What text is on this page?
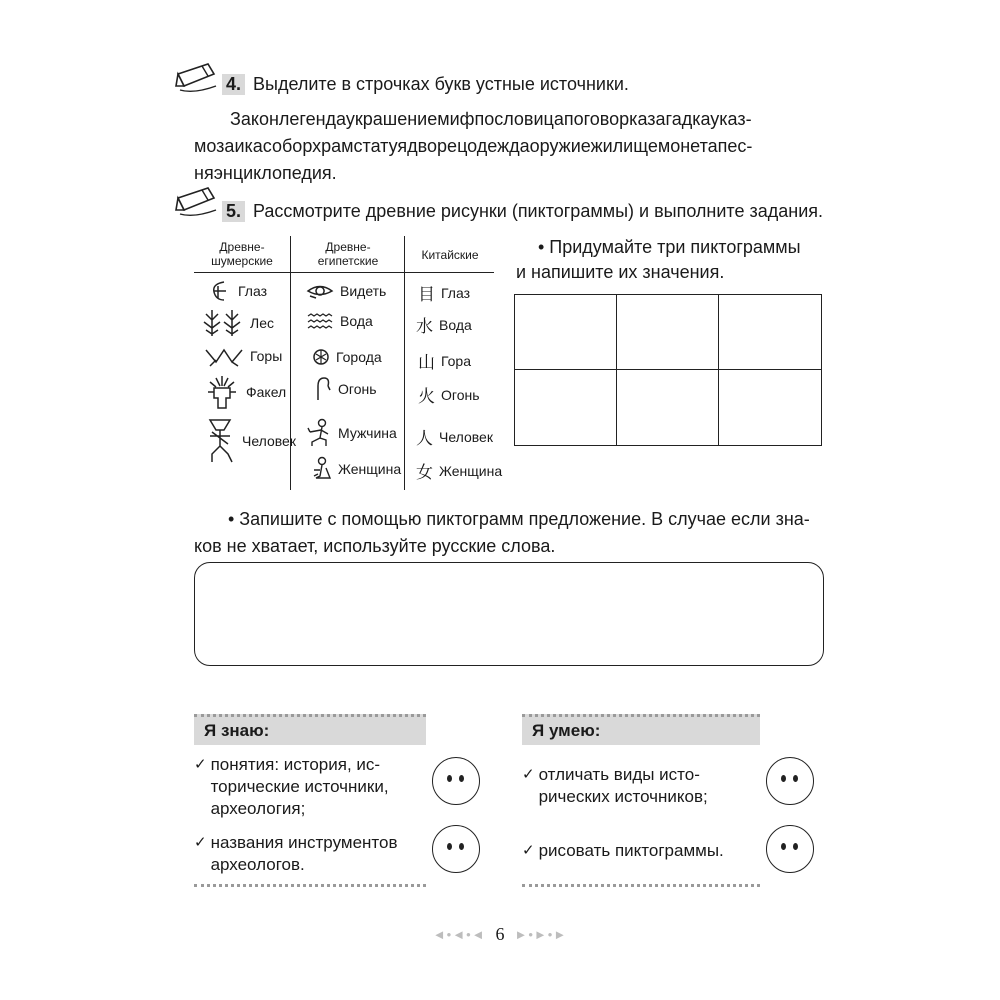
4. Выделите в строчках букв устные источники.
Законлегендаукрашениемифпословицапоговорказагадкауказ-
мозаикасоборхрамстатуядворецодеждаоружиежилищемонетапес-
няэнциклопедия.
5. Рассмотрите древние рисунки (пиктограммы) и выполните задания.
Древне-
шумерские
Древне-
египетские	Китайские
Глаз
Лес
Горы
Факел
Человек
Видеть
Вода
Города
Огонь
Мужчина
Женщина
目 Глаз
水 Вода
山 Гора
火 Огонь
人 Человек
女 Женщина
• Придумайте три пиктограммы
и напишите их значения.
• Запишите с помощью пиктограмм предложение. В случае если зна-
ков не хватает, используйте русские слова.
Я знаю:
✓ понятия: история, ис-
торические источники,
археология;
✓ названия инструментов
археологов.
Я умею:
✓ отличать виды исто-
рических источников;
✓ рисовать пиктограммы.
◄•◄•◄ 6 ►•►•►
